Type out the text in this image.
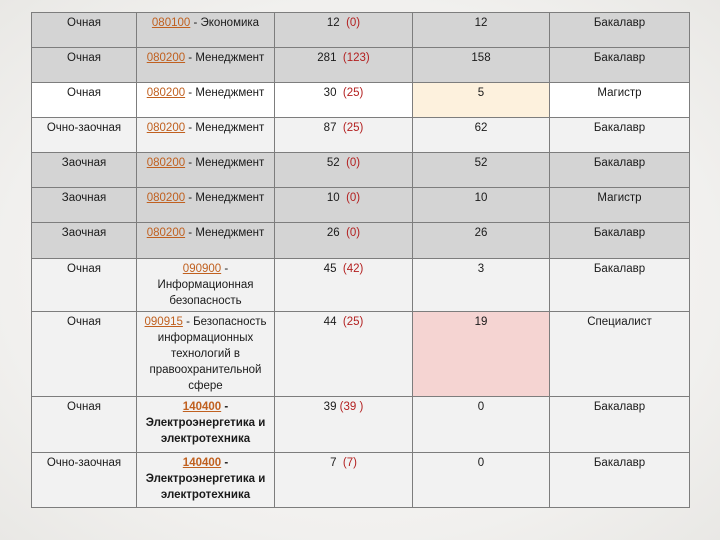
Очная	080100 - Экономика	12 (0)	12	Бакалавр
Очная	080200 - Менеджмент	281 (123)	158	Бакалавр
Очная	080200 - Менеджмент	30 (25)	5	Магистр
Очно-заочная	080200 - Менеджмент	87 (25)	62	Бакалавр
Заочная	080200 - Менеджмент	52 (0)	52	Бакалавр
Заочная	080200 - Менеджмент	10 (0)	10	Магистр
Заочная	080200 - Менеджмент	26 (0)	26	Бакалавр
Очная	090900 - Информационная безопасность	45 (42)	3	Бакалавр
Очная	090915 - Безопасность информационных технологий в правоохранительной сфере	44 (25)	19	Специалист
Очная	140400 - Электроэнергетика и электротехника	39 (39 )	0	Бакалавр
Очно-заочная	140400 - Электроэнергетика и электротехника	7 (7)	0	Бакалавр
